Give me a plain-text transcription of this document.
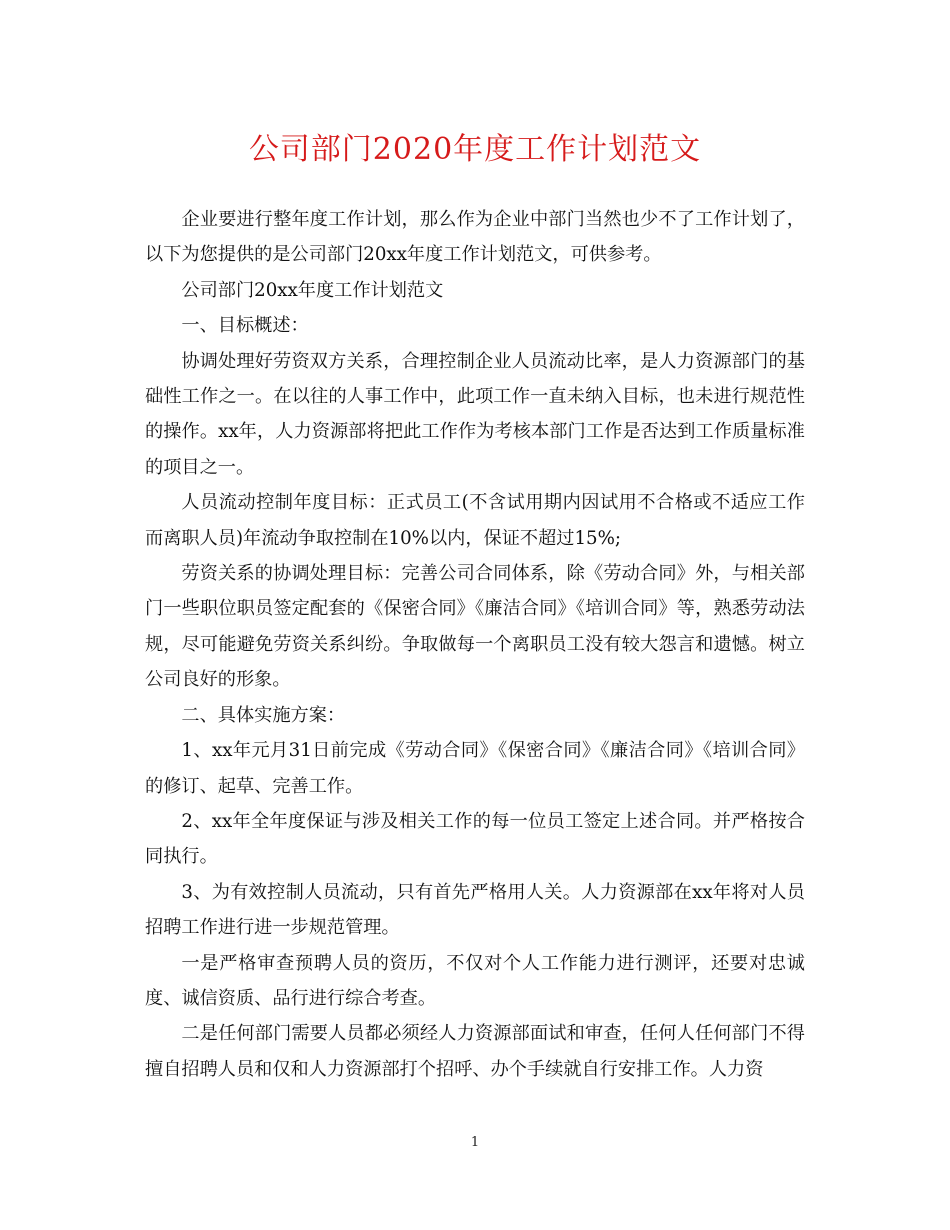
公司部门2020年度工作计划范文

企业要进行整年度工作计划，那么作为企业中部门当然也少不了工作计划了，以下为您提供的是公司部门20xx年度工作计划范文，可供参考。

公司部门20xx年度工作计划范文

一、目标概述：

协调处理好劳资双方关系，合理控制企业人员流动比率，是人力资源部门的基础性工作之一。在以往的人事工作中，此项工作一直未纳入目标，也未进行规范性的操作。xx年，人力资源部将把此工作作为考核本部门工作是否达到工作质量标准的项目之一。

人员流动控制年度目标：正式员工(不含试用期内因试用不合格或不适应工作而离职人员)年流动争取控制在10%以内，保证不超过15%;

劳资关系的协调处理目标：完善公司合同体系，除《劳动合同》外，与相关部门一些职位职员签定配套的《保密合同》《廉洁合同》《培训合同》等，熟悉劳动法规，尽可能避免劳资关系纠纷。争取做每一个离职员工没有较大怨言和遗憾。树立公司良好的形象。

二、具体实施方案：

1、xx年元月31日前完成《劳动合同》《保密合同》《廉洁合同》《培训合同》的修订、起草、完善工作。

2、xx年全年度保证与涉及相关工作的每一位员工签定上述合同。并严格按合同执行。

3、为有效控制人员流动，只有首先严格用人关。人力资源部在xx年将对人员招聘工作进行进一步规范管理。

一是严格审查预聘人员的资历，不仅对个人工作能力进行测评，还要对忠诚度、诚信资质、品行进行综合考查。

二是任何部门需要人员都必须经人力资源部面试和审查，任何人任何部门不得擅自招聘人员和仅和人力资源部打个招呼、办个手续就自行安排工作。人力资

1
